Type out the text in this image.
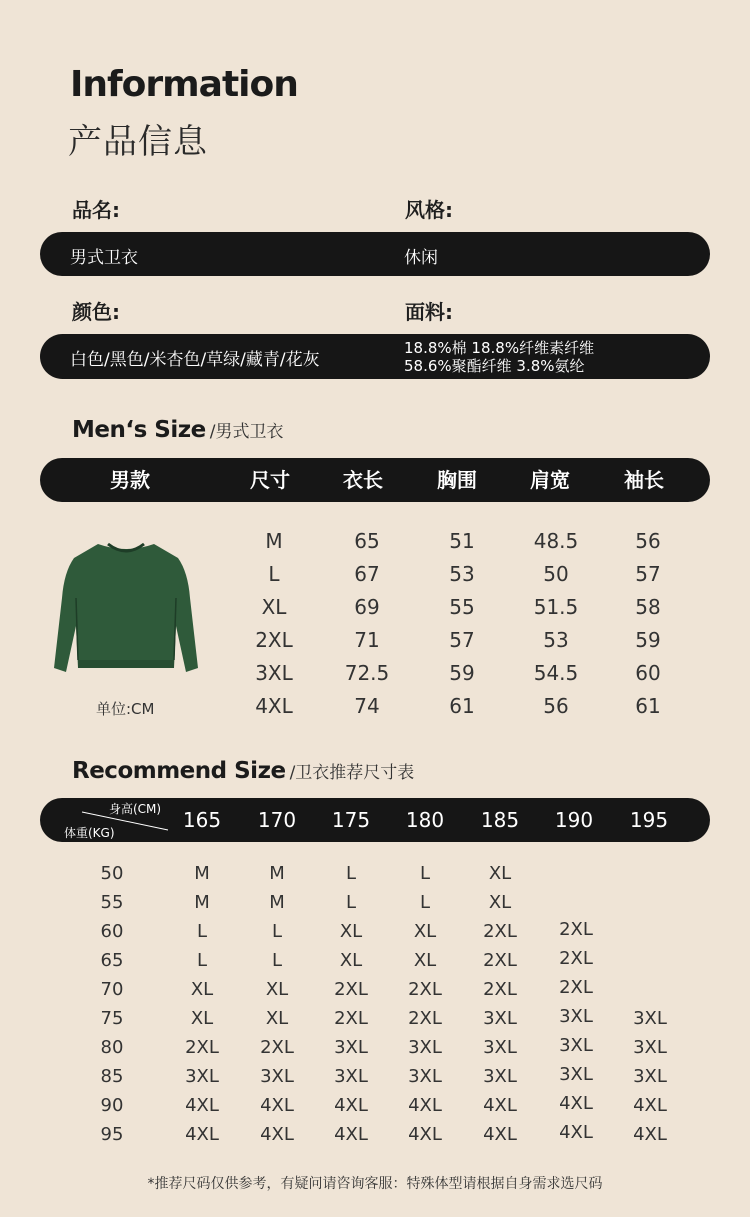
Information
产品信息
品名:	风格:
男式卫衣	休闲
颜色:	面料:
白色/黑色/米杏色/草绿/藏青/花灰
18.8%棉 18.8%纤维素纤维
58.6%聚酯纤维 3.8%氨纶
Men‘s Size /男式卫衣
男款	尺寸	衣长	胸围	肩宽	袖长
单位:CM
M	65	51	48.5	56
L	67	53	50	57
XL	69	55	51.5	58
2XL	71	57	53	59
3XL	72.5	59	54.5	60
4XL	74	61	56	61
Recommend Size /卫衣推荐尺寸表
身高(CM)
体重(KG)
165	170	175	180	185	190	195
50	M	M	L	L	XL
55	M	M	L	L	XL
60	L	L	XL	XL	2XL	2XL
65	L	L	XL	XL	2XL	2XL
70	XL	XL	2XL	2XL	2XL	2XL
75	XL	XL	2XL	2XL	3XL	3XL	3XL
80	2XL	2XL	3XL	3XL	3XL	3XL	3XL
85	3XL	3XL	3XL	3XL	3XL	3XL	3XL
90	4XL	4XL	4XL	4XL	4XL	4XL	4XL
95	4XL	4XL	4XL	4XL	4XL	4XL	4XL
*推荐尺码仅供参考，有疑问请咨询客服：特殊体型请根据自身需求选尺码
